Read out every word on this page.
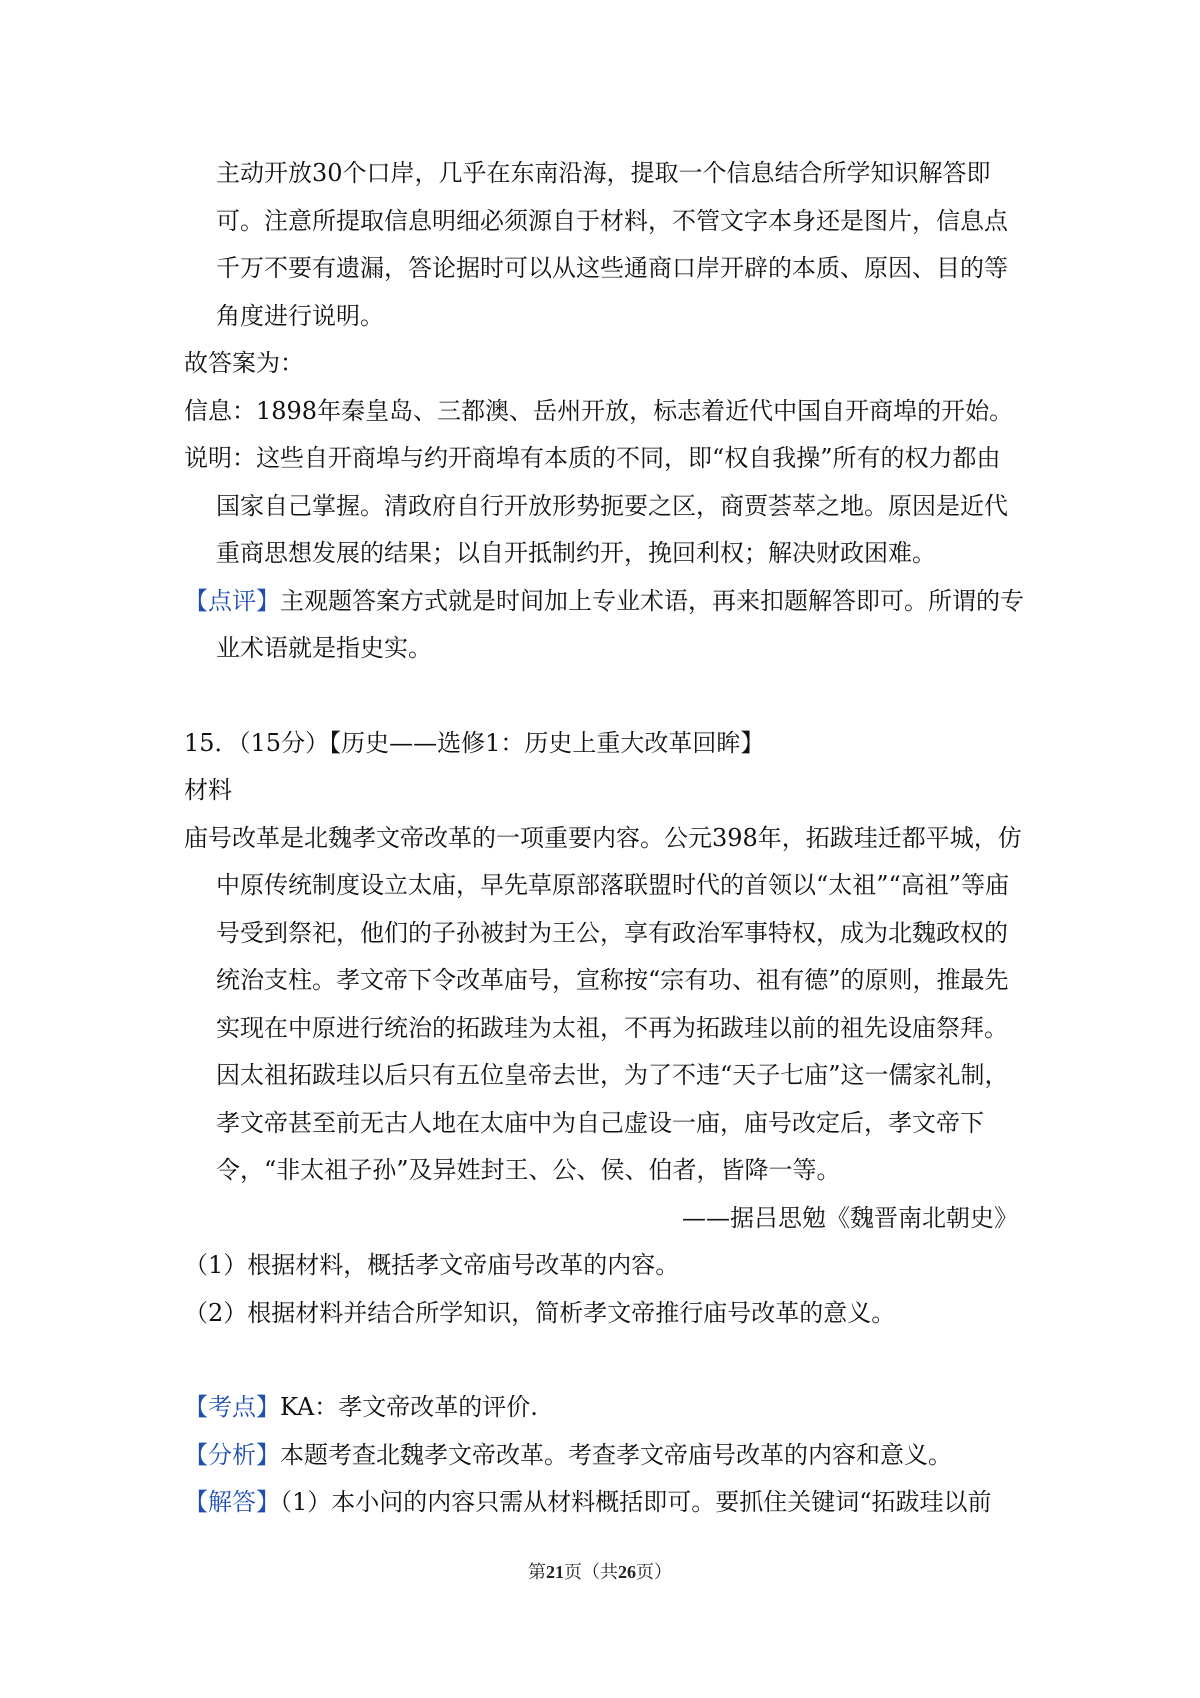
主动开放30个口岸，几乎在东南沿海，提取一个信息结合所学知识解答即可。注意所提取信息明细必须源自于材料，不管文字本身还是图片，信息点千万不要有遗漏，答论据时可以从这些通商口岸开辟的本质、原因、目的等角度进行说明。

故答案为：

信息：1898年秦皇岛、三都澳、岳州开放，标志着近代中国自开商埠的开始。

说明：这些自开商埠与约开商埠有本质的不同，即“权自我操”所有的权力都由国家自己掌握。清政府自行开放形势扼要之区，商贾荟萃之地。原因是近代重商思想发展的结果；以自开抵制约开，挽回利权；解决财政困难。

【点评】主观题答案方式就是时间加上专业术语，再来扣题解答即可。所谓的专业术语就是指史实。

15．（15分）【历史——选修1：历史上重大改革回眸】

材料

庙号改革是北魏孝文帝改革的一项重要内容。公元398年，拓跋珪迁都平城，仿中原传统制度设立太庙，早先草原部落联盟时代的首领以“太祖”“高祖”等庙号受到祭祀，他们的子孙被封为王公，享有政治军事特权，成为北魏政权的统治支柱。孝文帝下令改革庙号，宣称按“宗有功、祖有德”的原则，推最先实现在中原进行统治的拓跋珪为太祖，不再为拓跋珪以前的祖先设庙祭拜。因太祖拓跋珪以后只有五位皇帝去世，为了不违“天子七庙”这一儒家礼制，孝文帝甚至前无古人地在太庙中为自己虚设一庙，庙号改定后，孝文帝下令，“非太祖子孙”及异姓封王、公、侯、伯者，皆降一等。

——据吕思勉《魏晋南北朝史》

（1）根据材料，概括孝文帝庙号改革的内容。

（2）根据材料并结合所学知识，简析孝文帝推行庙号改革的意义。

【考点】KA：孝文帝改革的评价.

【分析】本题考查北魏孝文帝改革。考查孝文帝庙号改革的内容和意义。

【解答】（1）本小问的内容只需从材料概括即可。要抓住关键词“拓跋珪以前

第21页（共26页）
